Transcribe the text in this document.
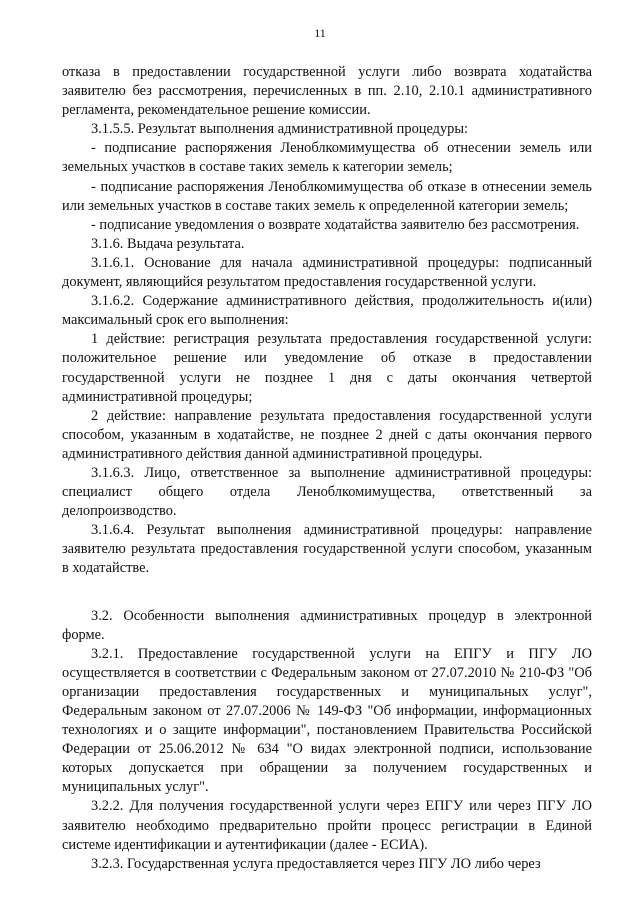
11

отказа в предоставлении государственной услуги либо возврата ходатайства заявителю без рассмотрения, перечисленных в пп. 2.10, 2.10.1 административного регламента, рекомендательное решение комиссии.

3.1.5.5. Результат выполнения административной процедуры:

- подписание распоряжения Леноблкомимущества об отнесении земель или земельных участков в составе таких земель к категории земель;

- подписание распоряжения Леноблкомимущества об отказе в отнесении земель или земельных участков в составе таких земель к определенной категории земель;

- подписание уведомления о возврате ходатайства заявителю без рассмотрения.

3.1.6. Выдача результата.

3.1.6.1. Основание для начала административной процедуры: подписанный документ, являющийся результатом предоставления государственной услуги.

3.1.6.2. Содержание административного действия, продолжительность и(или) максимальный срок его выполнения:

1 действие: регистрация результата предоставления государственной услуги: положительное решение или уведомление об отказе в предоставлении государственной услуги не позднее 1 дня с даты окончания четвертой административной процедуры;

2 действие: направление результата предоставления государственной услуги способом, указанным в ходатайстве, не позднее 2 дней с даты окончания первого административного действия данной административной процедуры.

3.1.6.3. Лицо, ответственное за выполнение административной процедуры: специалист общего отдела Леноблкомимущества, ответственный за делопроизводство.

3.1.6.4. Результат выполнения административной процедуры: направление заявителю результата предоставления государственной услуги способом, указанным в ходатайстве.

3.2. Особенности выполнения административных процедур в электронной форме.

3.2.1. Предоставление государственной услуги на ЕПГУ и ПГУ ЛО осуществляется в соответствии с Федеральным законом от 27.07.2010 № 210-ФЗ "Об организации предоставления государственных и муниципальных услуг", Федеральным законом от 27.07.2006 № 149-ФЗ "Об информации, информационных технологиях и о защите информации", постановлением Правительства Российской Федерации от 25.06.2012 № 634 "О видах электронной подписи, использование которых допускается при обращении за получением государственных и муниципальных услуг".

3.2.2. Для получения государственной услуги через ЕПГУ или через ПГУ ЛО заявителю необходимо предварительно пройти процесс регистрации в Единой системе идентификации и аутентификации (далее - ЕСИА).

3.2.3. Государственная услуга предоставляется через ПГУ ЛО либо через
